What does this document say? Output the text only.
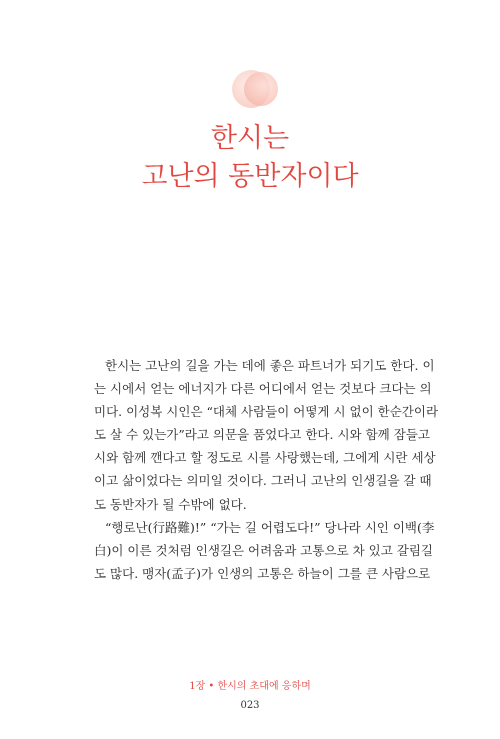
한시는
고난의 동반자이다

한시는 고난의 길을 가는 데에 좋은 파트너가 되기도 한다. 이
는 시에서 얻는 에너지가 다른 어디에서 얻는 것보다 크다는 의
미다. 이성복 시인은 “대체 사람들이 어떻게 시 없이 한순간이라
도 살 수 있는가”라고 의문을 품었다고 한다. 시와 함께 잠들고
시와 함께 깬다고 할 정도로 시를 사랑했는데, 그에게 시란 세상
이고 삶이었다는 의미일 것이다. 그러니 고난의 인생길을 갈 때
도 동반자가 될 수밖에 없다.

“행로난(行路難)!” “가는 길 어렵도다!” 당나라 시인 이백(李
白)이 이른 것처럼 인생길은 어려움과 고통으로 차 있고 갈림길
도 많다. 맹자(孟子)가 인생의 고통은 하늘이 그를 큰 사람으로

1장 • 한시의 초대에 응하며
023
